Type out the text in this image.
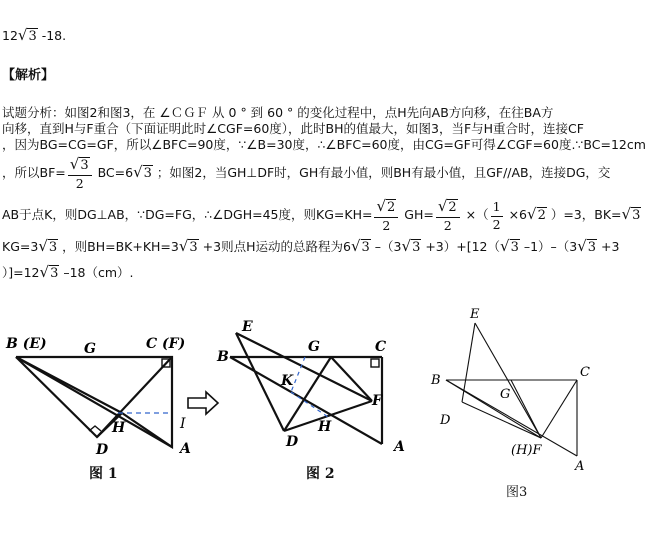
12√3 -18.
【解析】
试题分析：如图2和图3，在 ∠ＣＧＦ 从 0 ° 到 60 ° 的变化过程中，点H先向AB方向移，在往BA方
向移，直到H与F重合（下面证明此时∠CGF=60度），此时BH的值最大，如图3，当F与H重合时，连接CF
，因为BG=CG=GF，所以∠BFC=90度，∵∠B=30度，∴∠BFC=60度，由CG=GF可得∠CGF=60度.∵BC=12cm
，所以$BF= \frac{√3}{2} BC=6√3$ ；如图2，当GH⊥DF时，GH有最小值，则BH有最小值，且GF//AB，连接DG，交
AB于点K，则DG⊥AB，∵DG=FG，∴∠DGH=45度，则$KG=KH= \frac{√2}{2} GH= \frac{√2}{2}$ ×（ $\frac{1}{2} \times 6√2$ ）=3，BK=√3
KG=3√3 ，则BH=BK+KH=3√3 +3则点H运动的总路程为6√3 –（3√3 +3）+[12（√3 –1）–（3√3 +3
）]=12√3 –18（cm）.
B (E)	C (F)
G
H
D
I
A
E
B
G	C
K
F
H
D	A
E
B
G
C
D
(H)F
A
图 1	图 2
图3
